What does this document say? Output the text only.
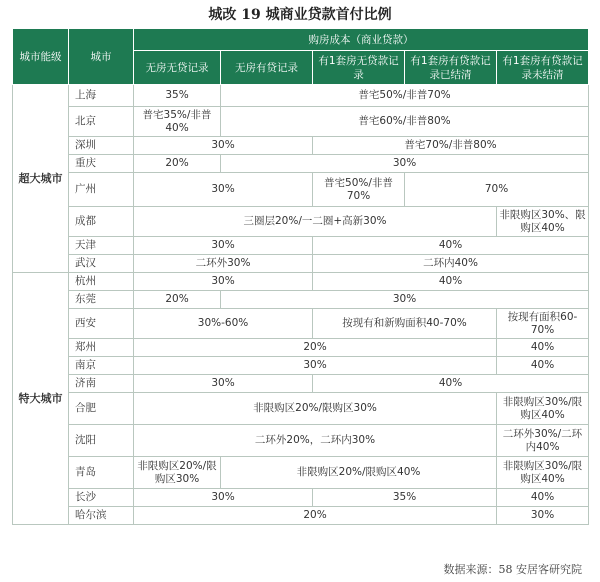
城改 19 城商业贷款首付比例
城市能级	城市	购房成本（商业贷款）				
		无房无贷记录	无房有贷记录	有1套房无贷款记录	有1套房有贷款记录已结清	有1套房有贷款记录未结清
超大城市	上海	35%	普宅50%/非普70%			
	北京	普宅35%/非普40%	普宅60%/非普80%			
	深圳	30%		普宅70%/非普80%		
	重庆	20%	30%			
	广州	30%		普宅50%/非普70%	70%	
	成都	三圈层20%/一二圈+高新30%				非限购区30%、限购区40%
	天津	30%		40%		
	武汉	二环外30%		二环内40%		
特大城市	杭州	30%		40%		
	东莞	20%	30%			
	西安	30%-60%		按现有和新购面积40-70%		按现有面积60-70%
	郑州	20%				40%
	南京	30%				40%
	济南	30%		40%		
	合肥	非限购区20%/限购区30%				非限购区30%/限购区40%
	沈阳	二环外20%，二环内30%				二环外30%/二环内40%
	青岛	非限购区20%/限购区30%	非限购区20%/限购区40%			非限购区30%/限购区40%
	长沙	30%		35%		40%
	哈尔滨	20%				30%
数据来源：58 安居客研究院
